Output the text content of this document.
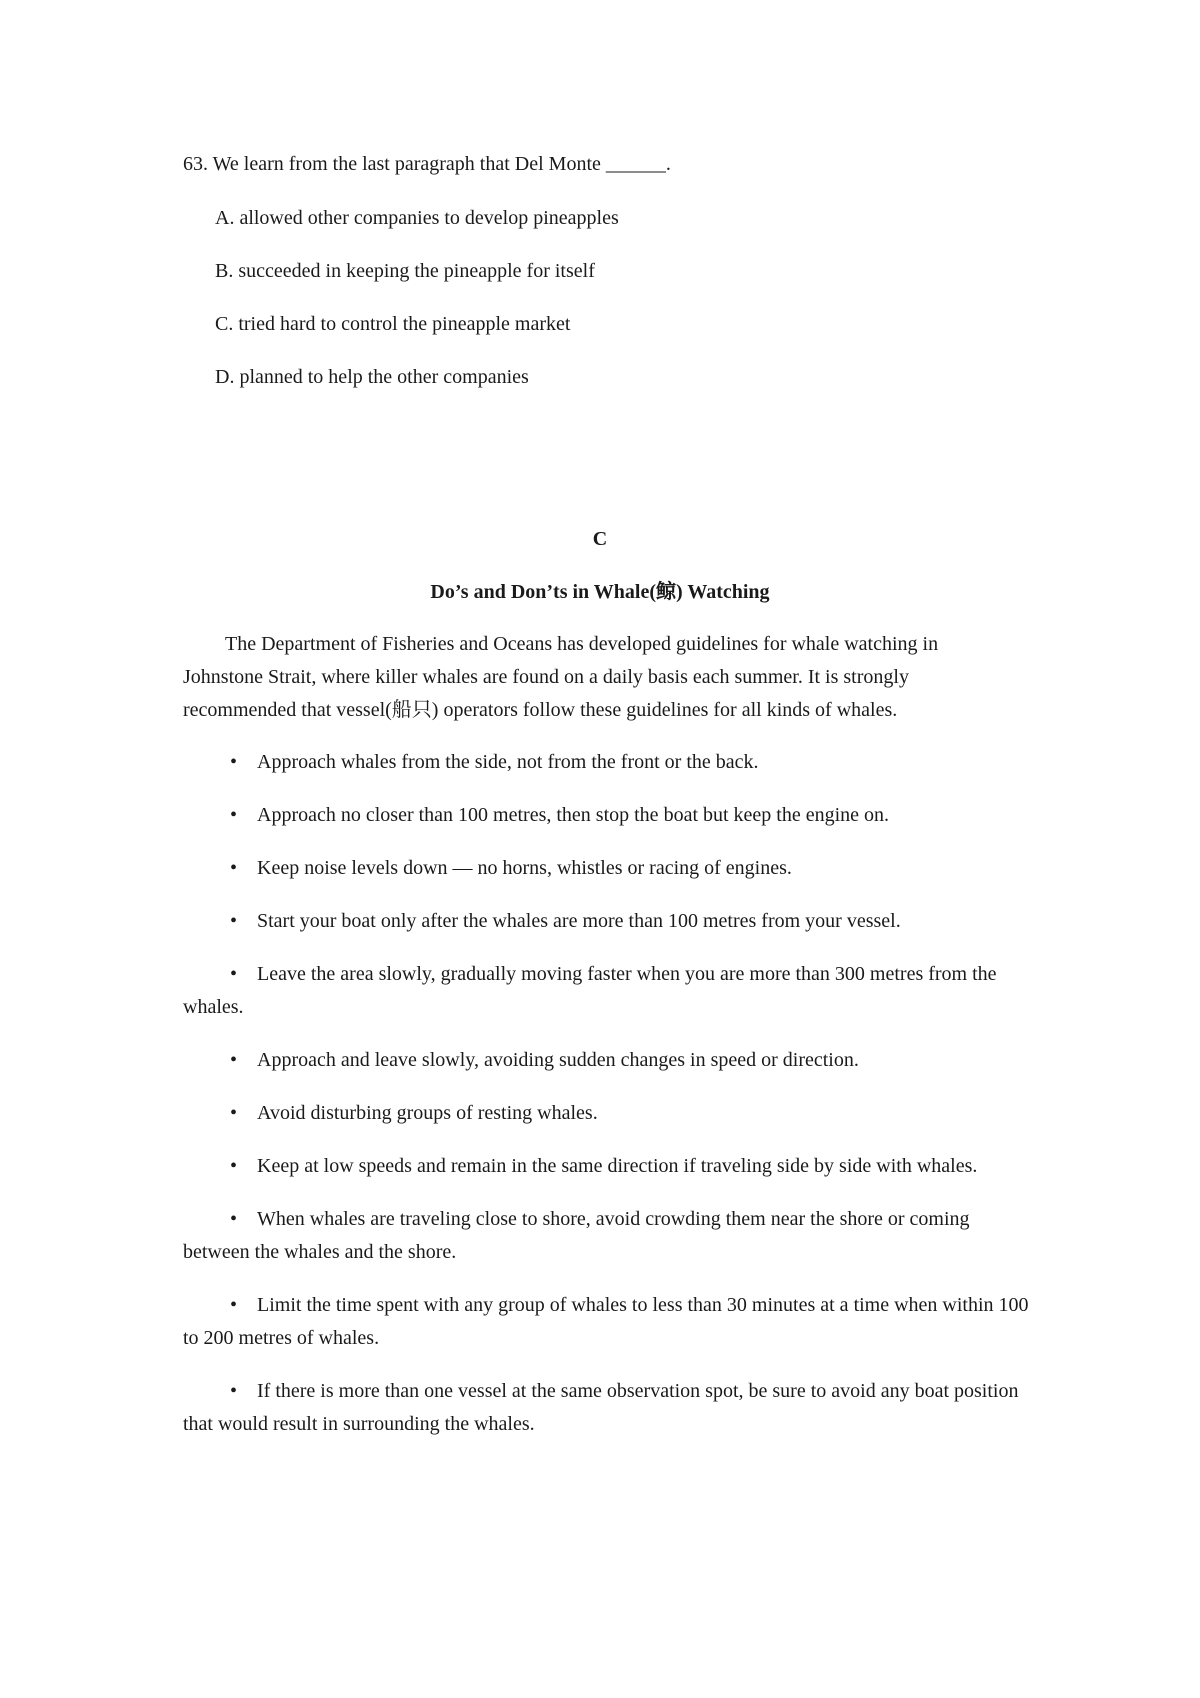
63. We learn from the last paragraph that Del Monte ______.
A. allowed other companies to develop pineapples
B. succeeded in keeping the pineapple for itself
C. tried hard to control the pineapple market
D. planned to help the other companies
C
Do’s and Don’ts in Whale(鲸) Watching
The Department of Fisheries and Oceans has developed guidelines for whale watching in Johnstone Strait, where killer whales are found on a daily basis each summer. It is strongly recommended that vessel(船只) operators follow these guidelines for all kinds of whales.
• Approach whales from the side, not from the front or the back.
• Approach no closer than 100 metres, then stop the boat but keep the engine on.
• Keep noise levels down — no horns, whistles or racing of engines.
• Start your boat only after the whales are more than 100 metres from your vessel.
• Leave the area slowly, gradually moving faster when you are more than 300 metres from the whales.
• Approach and leave slowly, avoiding sudden changes in speed or direction.
• Avoid disturbing groups of resting whales.
• Keep at low speeds and remain in the same direction if traveling side by side with whales.
• When whales are traveling close to shore, avoid crowding them near the shore or coming between the whales and the shore.
• Limit the time spent with any group of whales to less than 30 minutes at a time when within 100 to 200 metres of whales.
• If there is more than one vessel at the same observation spot, be sure to avoid any boat position that would result in surrounding the whales.
